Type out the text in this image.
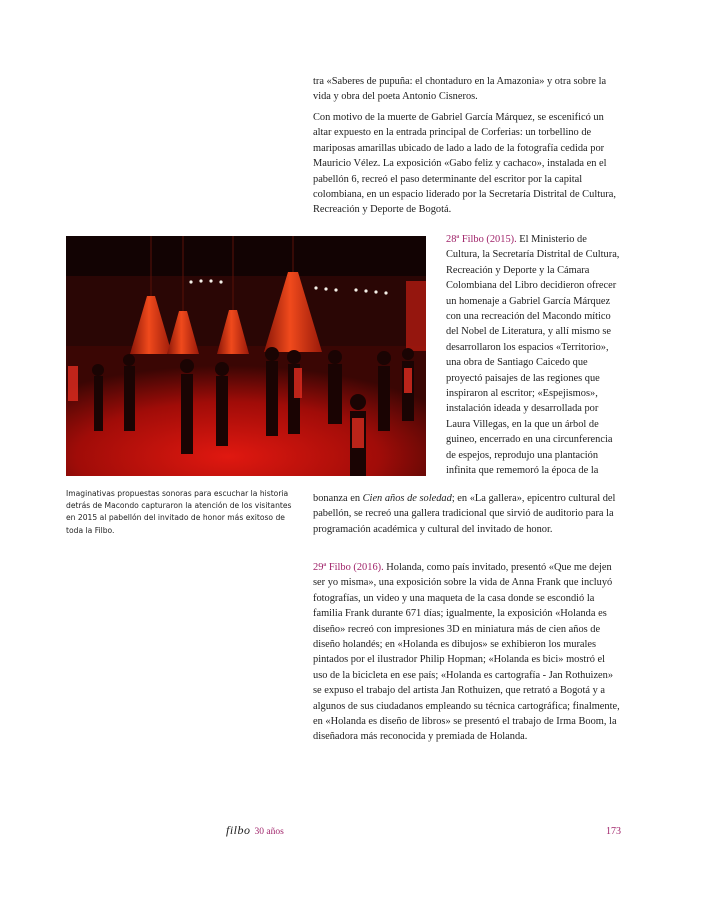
tra «Saberes de pupuña: el chontaduro en la Amazonia» y otra sobre la vida y obra del poeta Antonio Cisneros.
Con motivo de la muerte de Gabriel García Márquez, se escenificó un altar expuesto en la entrada principal de Corferias: un torbellino de mariposas amarillas ubicado de lado a lado de la fotografía cedida por Mauricio Vélez. La exposición «Gabo feliz y cachaco», instalada en el pabellón 6, recreó el paso determinante del escritor por la capital colombiana, en un espacio liderado por la Secretaría Distrital de Cultura, Recreación y Deporte de Bogotá.
Imaginativas propuestas sonoras para escuchar la historia detrás de Macondo capturaron la atención de los visitantes en 2015 al pabellón del invitado de honor más exitoso de toda la Filbo.
28ª Filbo (2015). El Ministerio de Cultura, la Secretaría Distrital de Cultura, Recreación y Deporte y la Cámara Colombiana del Libro decidieron ofrecer un homenaje a Gabriel García Márquez con una recreación del Macondo mítico del Nobel de Literatura, y allí mismo se desarrollaron los espacios «Territorio», una obra de Santiago Caicedo que proyectó paisajes de las regiones que inspiraron al escritor; «Espejismos», instalación ideada y desarrollada por Laura Villegas, en la que un árbol de guineo, encerrado en una circunferencia de espejos, reprodujo una plantación infinita que rememoró la época de la
bonanza en Cien años de soledad; en «La gallera», epicentro cultural del pabellón, se recreó una gallera tradicional que sirvió de auditorio para la programación académica y cultural del invitado de honor.
29ª Filbo (2016). Holanda, como país invitado, presentó «Que me dejen ser yo misma», una exposición sobre la vida de Anna Frank que incluyó fotografías, un video y una maqueta de la casa donde se escondió la familia Frank durante 671 días; igualmente, la exposición «Holanda es diseño» recreó con impresiones 3D en miniatura más de cien años de diseño holandés; en «Holanda es dibujos» se exhibieron los murales pintados por el ilustrador Philip Hopman; «Holanda es bici» mostró el uso de la bicicleta en ese país; «Holanda es cartografía - Jan Rothuizen» se expuso el trabajo del artista Jan Rothuizen, que retrató a Bogotá y a algunos de sus ciudadanos empleando su técnica cartográfica; finalmente, en «Holanda es diseño de libros» se presentó el trabajo de Irma Boom, la diseñadora más reconocida y premiada de Holanda.
filbo 30 años	173
